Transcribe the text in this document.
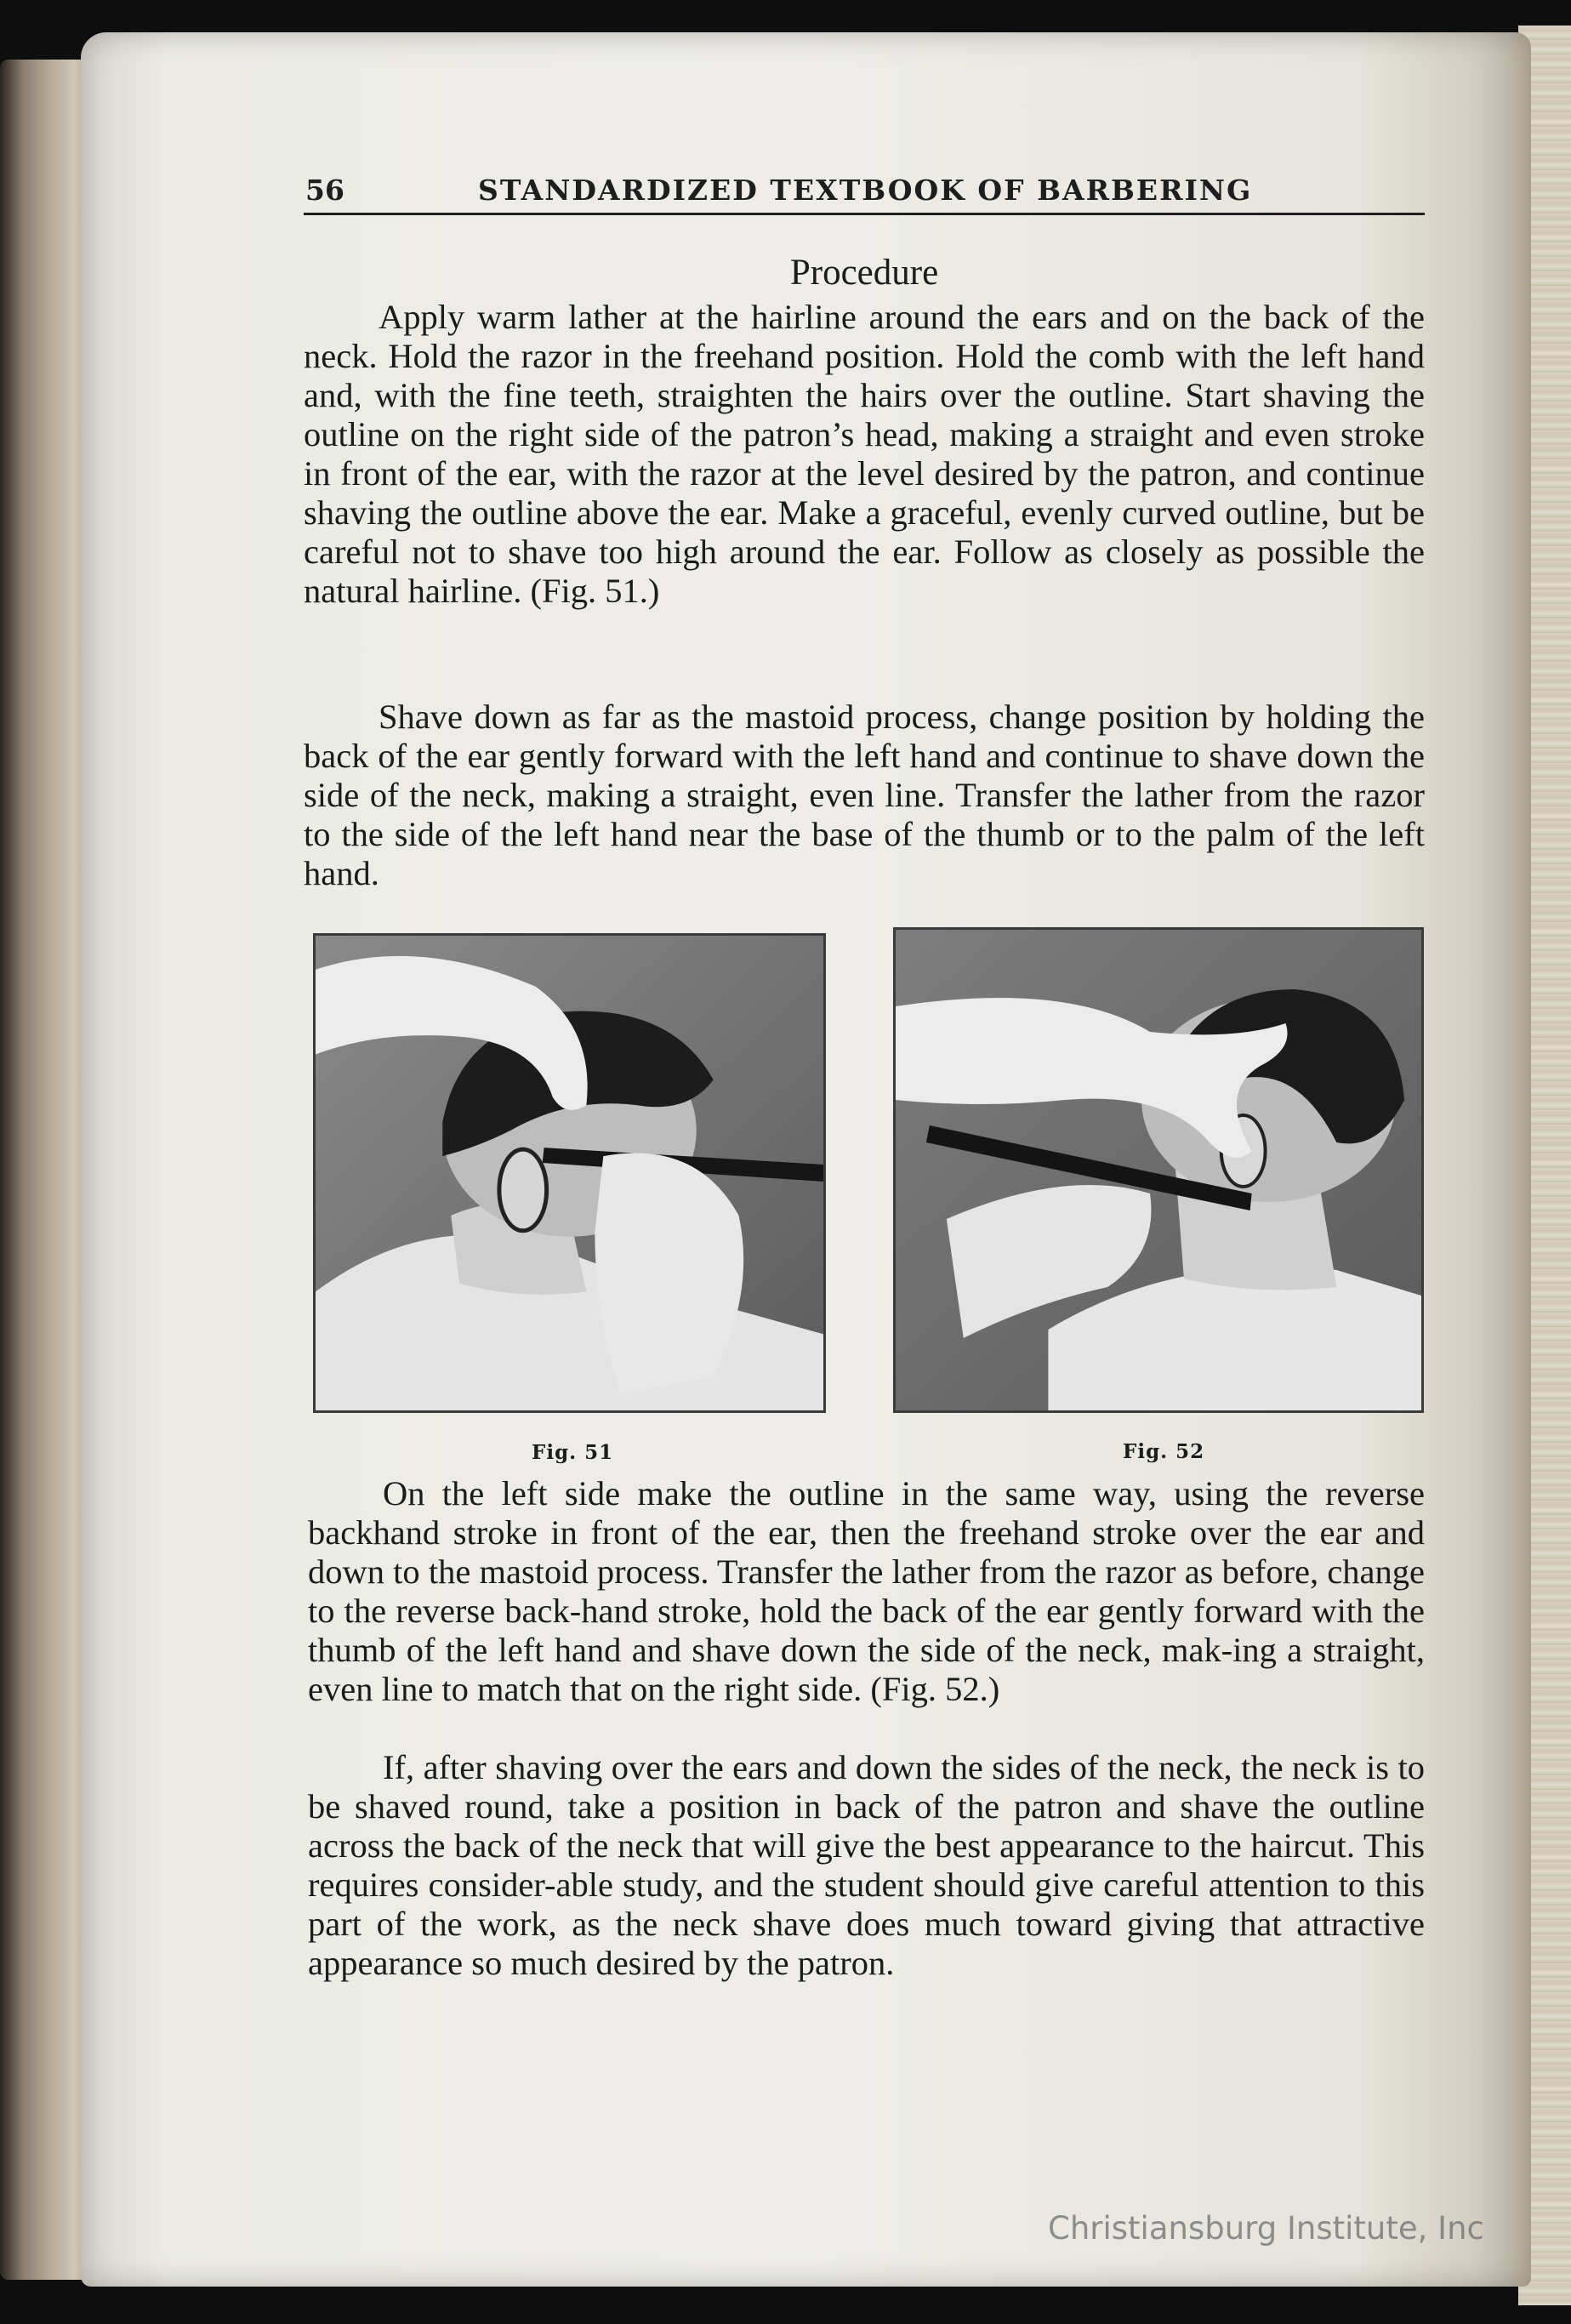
56	STANDARDIZED TEXTBOOK OF BARBERING
Procedure

Apply warm lather at the hairline around the ears and on the back of the neck. Hold the razor in the freehand position. Hold the comb with the left hand and, with the fine teeth, straighten the hairs over the outline. Start shaving the outline on the right side of the patron’s head, making a straight and even stroke in front of the ear, with the razor at the level desired by the patron, and continue shaving the outline above the ear. Make a graceful, evenly curved outline, but be careful not to shave too high around the ear. Follow as closely as possible the natural hairline. (Fig. 51.)

Shave down as far as the mastoid process, change position by holding the back of the ear gently forward with the left hand and continue to shave down the side of the neck, making a straight, even line. Transfer the lather from the razor to the side of the left hand near the base of the thumb or to the palm of the left hand.

Fig. 51	Fig. 52

On the left side make the outline in the same way, using the reverse backhand stroke in front of the ear, then the freehand stroke over the ear and down to the mastoid process. Transfer the lather from the razor as before, change to the reverse back-hand stroke, hold the back of the ear gently forward with the thumb of the left hand and shave down the side of the neck, mak-ing a straight, even line to match that on the right side. (Fig. 52.)

If, after shaving over the ears and down the sides of the neck, the neck is to be shaved round, take a position in back of the patron and shave the outline across the back of the neck that will give the best appearance to the haircut. This requires consider-able study, and the student should give careful attention to this part of the work, as the neck shave does much toward giving that attractive appearance so much desired by the patron.

Christiansburg Institute, Inc
